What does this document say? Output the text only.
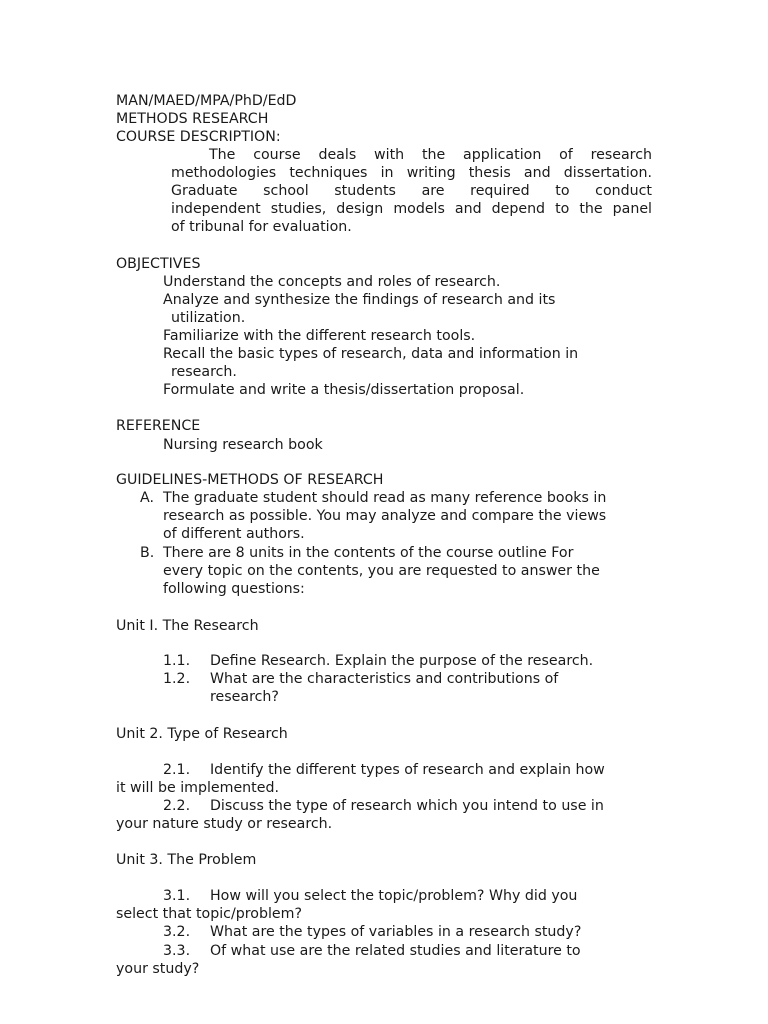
MAN/MAED/MPA/PhD/EdD
METHODS RESEARCH
COURSE DESCRIPTION:
The course deals with the application of research
methodologies techniques in writing thesis and dissertation.
Graduate school students are required to conduct
independent studies, design models and depend to the panel
of tribunal for evaluation.
OBJECTIVES
Understand the concepts and roles of research.
Analyze and synthesize the findings of research and its
utilization.
Familiarize with the different research tools.
Recall the basic types of research, data and information in
research.
Formulate and write a thesis/dissertation proposal.
REFERENCE
Nursing research book
GUIDELINES-METHODS OF RESEARCH
A. The graduate student should read as many reference books in
research as possible. You may analyze and compare the views
of different authors.
B. There are 8 units in the contents of the course outline For
every topic on the contents, you are requested to answer the
following questions:
Unit I. The Research
1.1. Define Research. Explain the purpose of the research.
1.2. What are the characteristics and contributions of
research?
Unit 2. Type of Research
2.1. Identify the different types of research and explain how
it will be implemented.
2.2. Discuss the type of research which you intend to use in
your nature study or research.
Unit 3. The Problem
3.1. How will you select the topic/problem? Why did you
select that topic/problem?
3.2. What are the types of variables in a research study?
3.3. Of what use are the related studies and literature to
your study?
